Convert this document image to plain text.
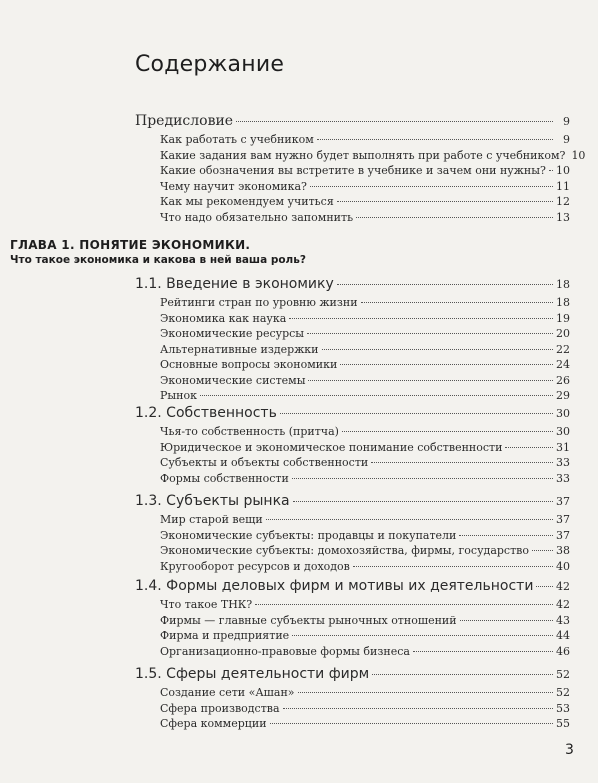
Содержание
Предисловие	9
Как работать с учебником	9
Какие задания вам нужно будет выполнять при работе с учебником? 10
Какие обозначения вы встретите в учебнике и зачем они нужны? 10
Чему научит экономика?	11
Как мы рекомендуем учиться	12
Что надо обязательно запомнить	13
ГЛАВА 1. ПОНЯТИЕ ЭКОНОМИКИ.
Что такое экономика и какова в ней ваша роль?
1.1. Введение в экономику	18
Рейтинги стран по уровню жизни	18
Экономика как наука	19
Экономические ресурсы	20
Альтернативные издержки	22
Основные вопросы экономики	24
Экономические системы	26
Рынок	29
1.2. Собственность	30
Чья-то собственность (притча)	30
Юридическое и экономическое понимание собственности	31
Субъекты и объекты собственности	33
Формы собственности	33
1.3. Субъекты рынка	37
Мир старой вещи	37
Экономические субъекты: продавцы и покупатели	37
Экономические субъекты: домохозяйства, фирмы, государство 38
Кругооборот ресурсов и доходов	40
1.4. Формы деловых фирм и мотивы их деятельности 42
Что такое ТНК?	42
Фирмы — главные субъекты рыночных отношений	43
Фирма и предприятие	44
Организационно-правовые формы бизнеса	46
1.5. Сферы деятельности фирм	52
Создание сети «Ашан»	52
Сфера производства	53
Сфера коммерции	55
3
